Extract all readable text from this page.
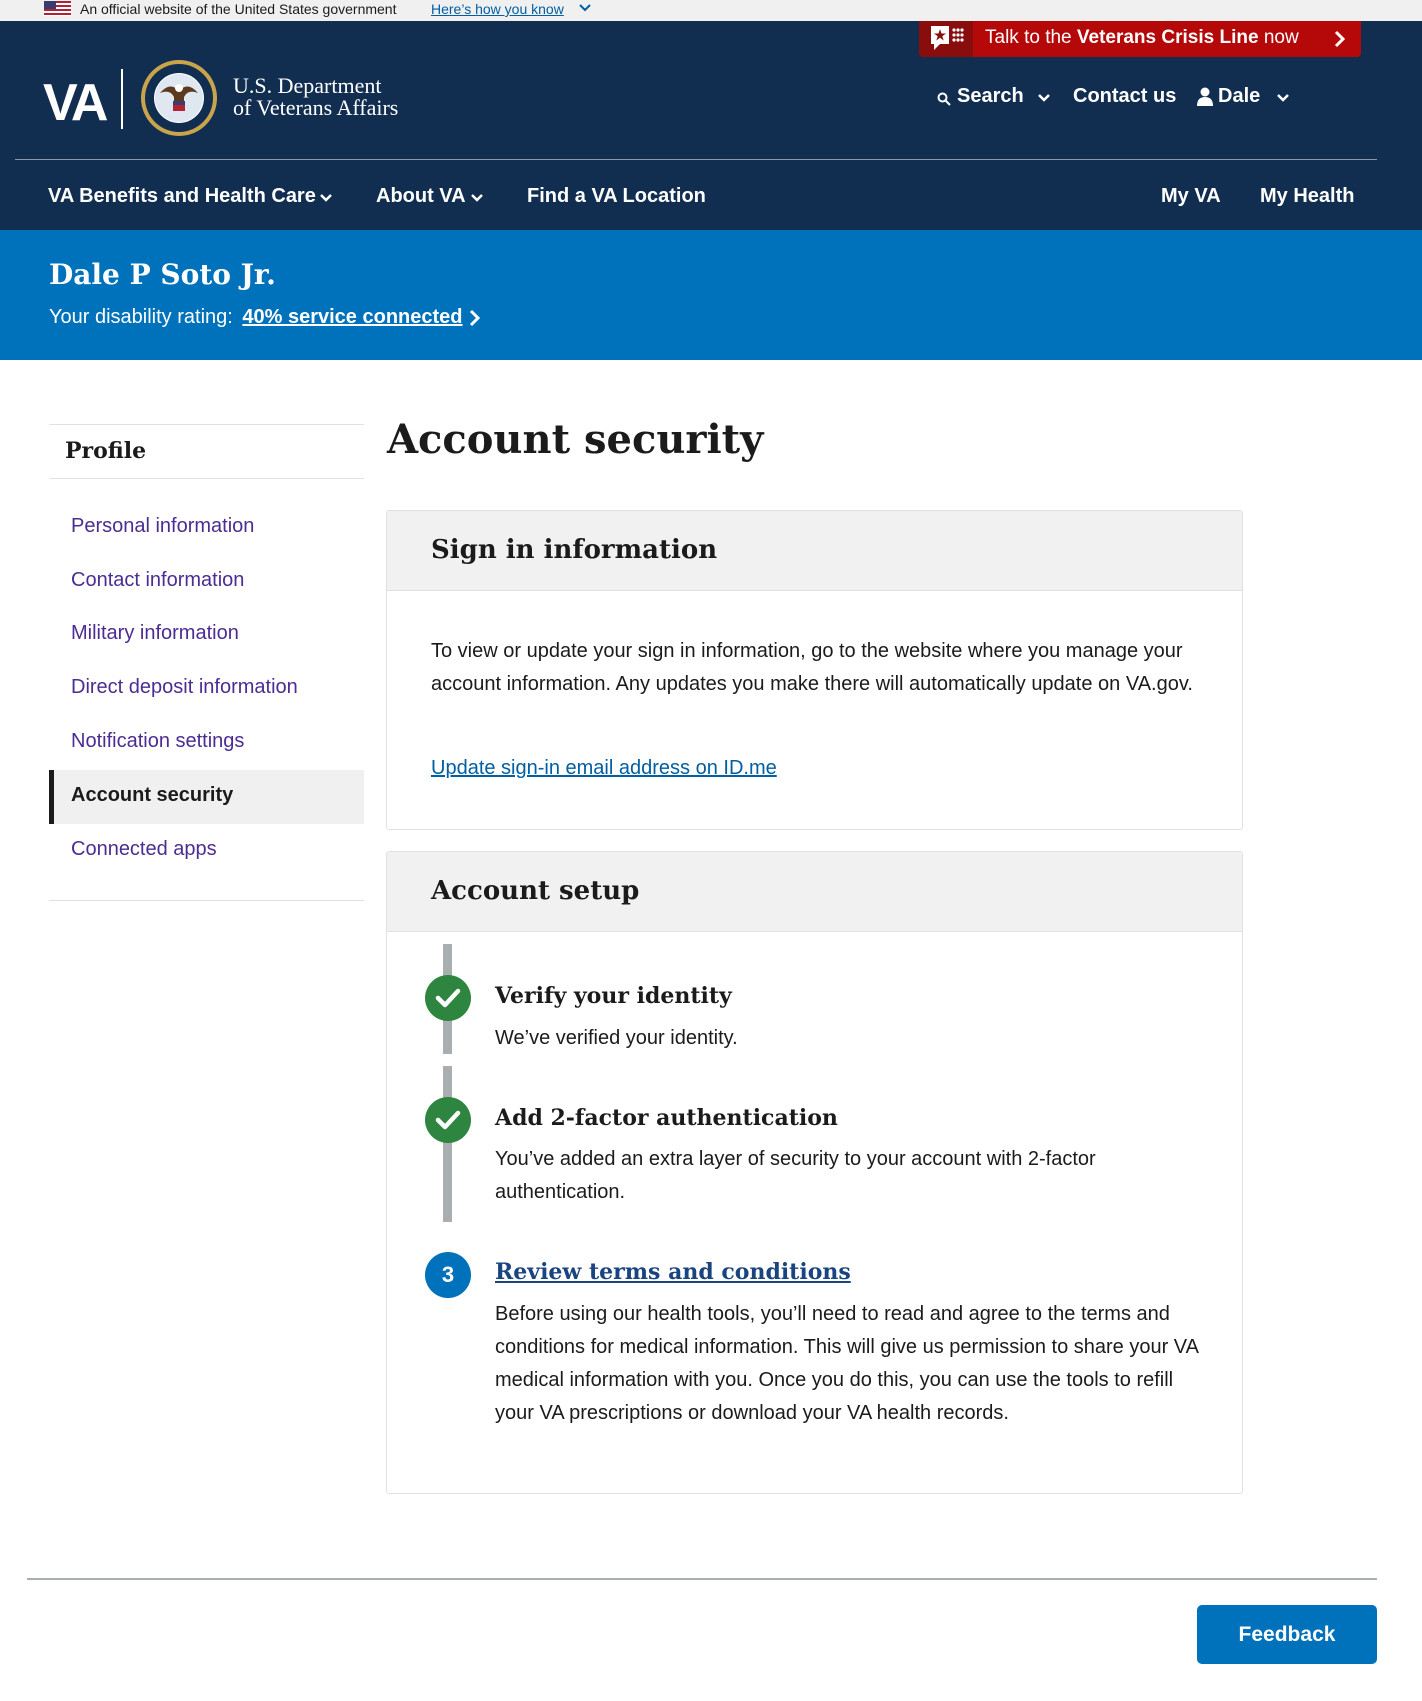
An official website of the United States government Here’s how you know
Talk to the Veterans Crisis Line now
VA	U.S. Department
of Veterans Affairs	Search Contact us Dale
VA Benefits and Health Care	About VA	Find a VA Location	My VA My Health
Dale P Soto Jr.
Your disability rating: 40% service connected
Profile
Personal information
Contact information
Military information
Direct deposit information
Notification settings
Account security
Connected apps
Account security
Sign in information

To view or update your sign in information, go to the website where you manage your account information. Any updates you make there will automatically update on VA.gov.

Update sign-in email address on ID.me
Account setup
Verify your identity
We’ve verified your identity.
Add 2-factor authentication
You’ve added an extra layer of security to your account with 2-factor authentication.
3	Review terms and conditions
Before using our health tools, you’ll need to read and agree to the terms and conditions for medical information. This will give us permission to share your VA medical information with you. Once you do this, you can use the tools to refill your VA prescriptions or download your VA health records.
Feedback
